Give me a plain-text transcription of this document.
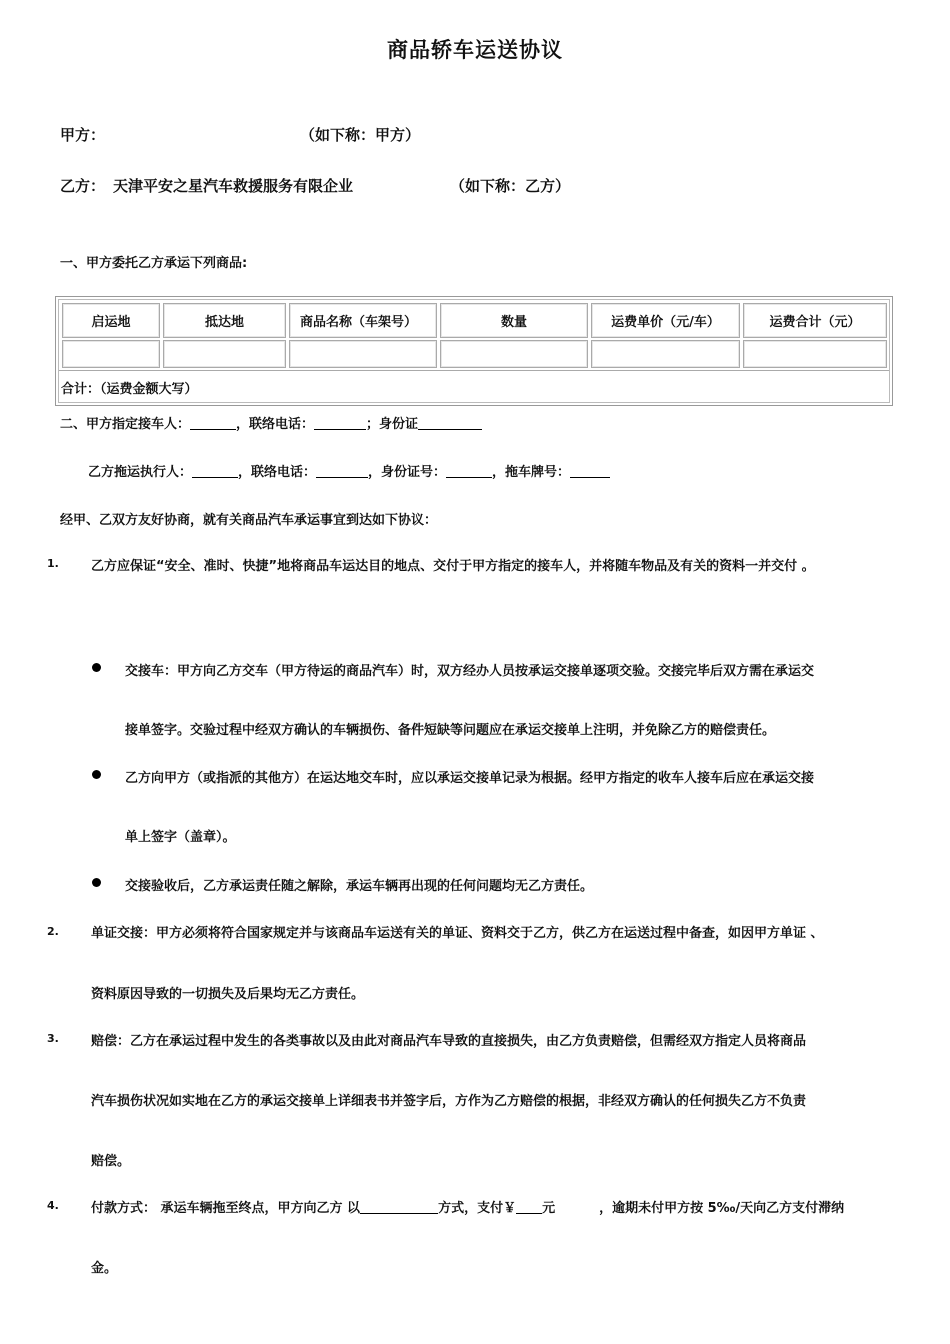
商品轿车运送协议
甲方：	（如下称：甲方）
乙方： 天津平安之星汽车救援服务有限企业	（如下称：乙方）
一、甲方委托乙方承运下列商品:
启运地	抵达地	商品名称（车架号）	数量	运费单价（元/车）	运费合计（元）
合计：（运费金额大写）
二、甲方指定接车人：	，联络电话：	；身份证
乙方拖运执行人：	，联络电话：	，身份证号：	，拖车牌号：
经甲、乙双方友好协商，就有关商品汽车承运事宜到达如下协议：
1. 乙方应保证“安全、准时、快捷”地将商品车运达目的地点、交付于甲方指定的接车人，并将随车物品及有关的资料一并交付 。
交接车：甲方向乙方交车（甲方待运的商品汽车）时，双方经办人员按承运交接单逐项交验。交接完毕后双方需在承运交
接单签字。交验过程中经双方确认的车辆损伤、备件短缺等问题应在承运交接单上注明，并免除乙方的赔偿责任。
乙方向甲方（或指派的其他方）在运达地交车时，应以承运交接单记录为根据。经甲方指定的收车人接车后应在承运交接
单上签字（盖章）。
交接验收后，乙方承运责任随之解除，承运车辆再出现的任何问题均无乙方责任。
2. 单证交接：甲方必须将符合国家规定并与该商品车运送有关的单证、资料交于乙方，供乙方在运送过程中备查，如因甲方单证 、
资料原因导致的一切损失及后果均无乙方责任。
3. 赔偿：乙方在承运过程中发生的各类事故以及由此对商品汽车导致的直接损失，由乙方负责赔偿，但需经双方指定人员将商品
汽车损伤状况如实地在乙方的承运交接单上详细表书并签字后，方作为乙方赔偿的根据，非经双方确认的任何损失乙方不负责
赔偿。
4. 付款方式： 承运车辆拖至终点，甲方向乙方 以	方式，支付￥ 元	，逾期未付甲方按 5‰/天向乙方支付滞纳
金。
